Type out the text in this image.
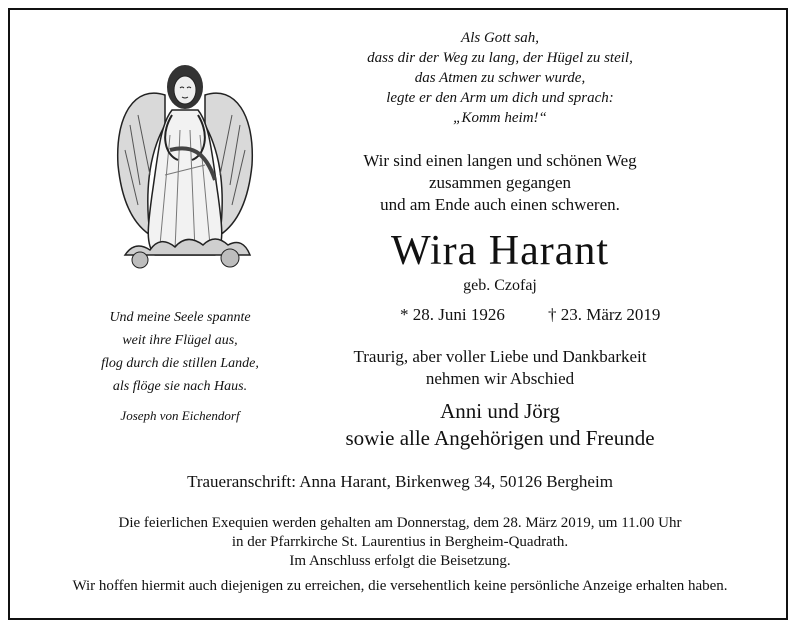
Als Gott sah,
dass dir der Weg zu lang, der Hügel zu steil,
das Atmen zu schwer wurde,
legte er den Arm um dich und sprach:
„Komm heim!“
Wir sind einen langen und schönen Weg
zusammen gegangen
und am Ende auch einen schweren.
Wira Harant
geb. Czofaj
* 28. Juni 1926	† 23. März 2019
Traurig, aber voller Liebe und Dankbarkeit
nehmen wir Abschied
Anni und Jörg
sowie alle Angehörigen und Freunde
Und meine Seele spannte
weit ihre Flügel aus,
flog durch die stillen Lande,
als flöge sie nach Haus.
Joseph von Eichendorf
Traueranschrift: Anna Harant, Birkenweg 34, 50126 Bergheim
Die feierlichen Exequien werden gehalten am Donnerstag, dem 28. März 2019, um 11.00 Uhr
in der Pfarrkirche St. Laurentius in Bergheim-Quadrath.
Im Anschluss erfolgt die Beisetzung.
Wir hoffen hiermit auch diejenigen zu erreichen, die versehentlich keine persönliche Anzeige erhalten haben.
